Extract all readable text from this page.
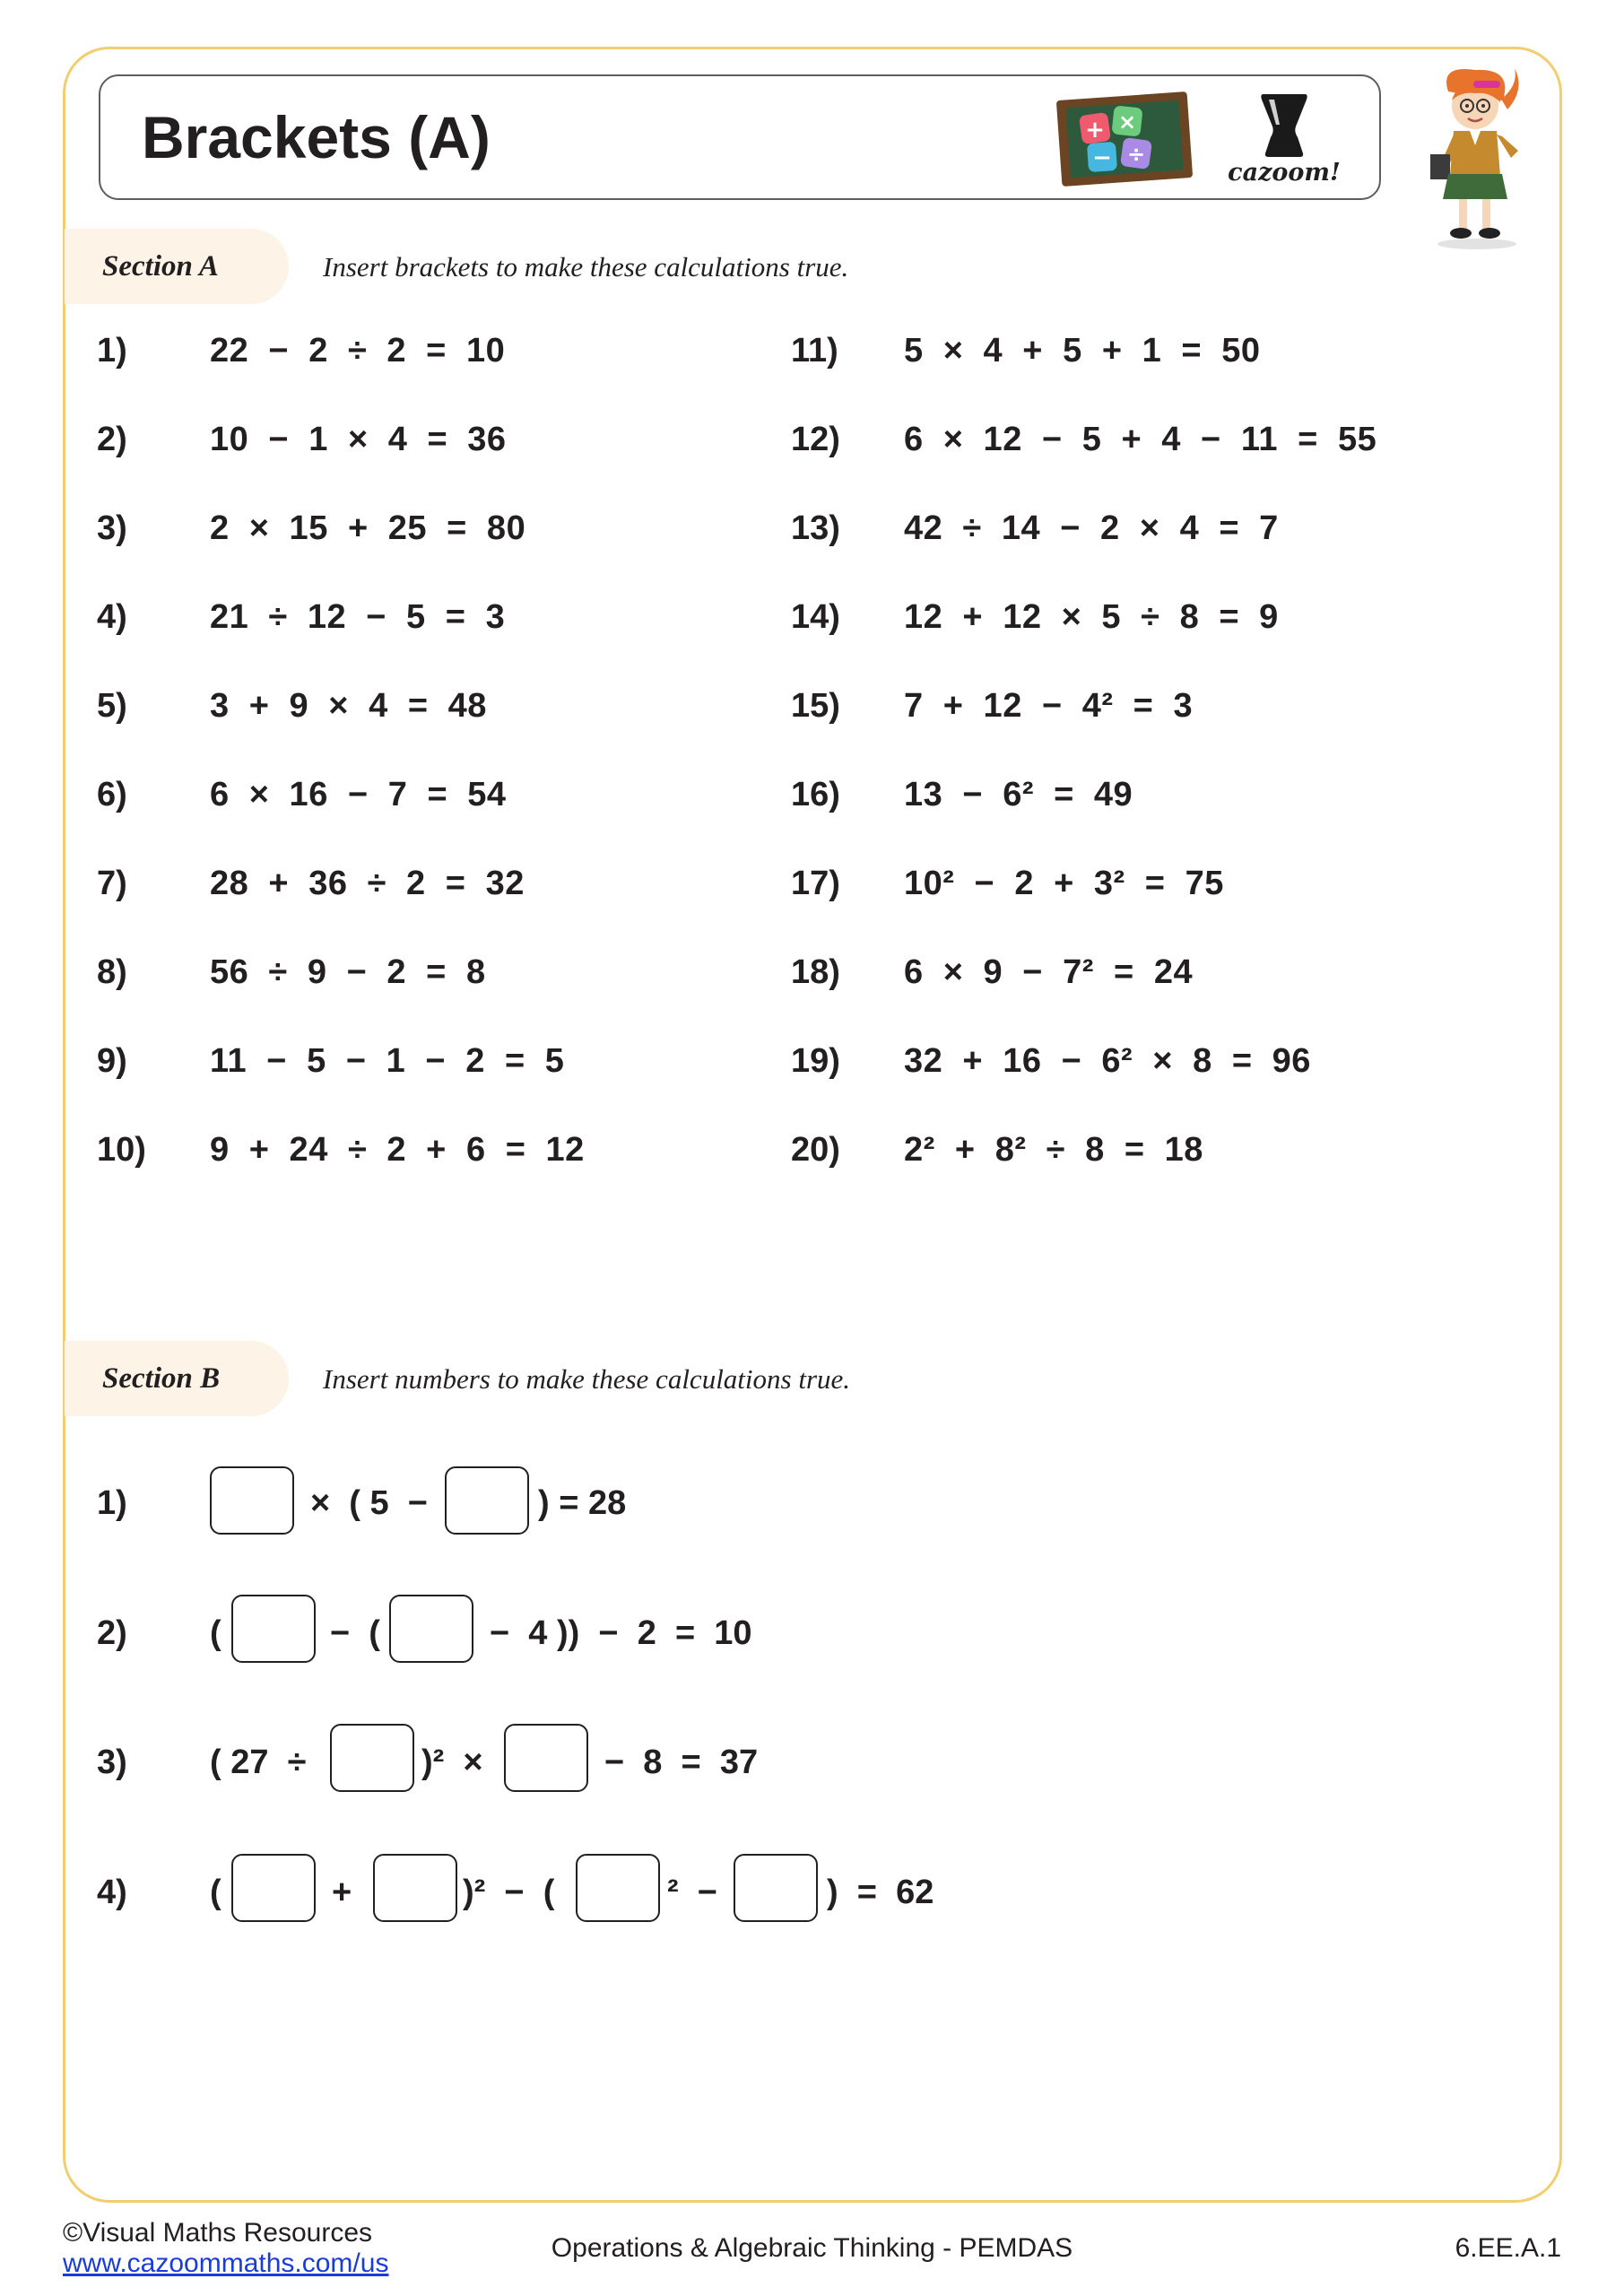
Brackets (A)	+ ×
− ÷
cazoom!
Section A	Insert brackets to make these calculations true.
1) 22  −  2  ÷  2  =  10
2) 10  −  1  ×  4  =  36
3) 2  ×  15  +  25  =  80
4) 21  ÷  12  −  5  =  3
5) 3  +  9  ×  4  =  48
6) 6  ×  16  −  7  =  54
7) 28  +  36  ÷  2  =  32
8) 56  ÷  9  −  2  =  8
9) 11  −  5  −  1  −  2  =  5
10) 9  +  24  ÷  2  +  6  =  12
11) 5  ×  4  +  5  +  1  =  50
12) 6  ×  12  −  5  +  4  −  11  =  55
13) 42  ÷  14  −  2  ×  4  =  7
14) 12  +  12  ×  5  ÷  8  =  9
15) 7  +  12  −  4²  =  3
16) 13  −  6²  =  49
17) 10²  −  2  +  3²  =  75
18) 6  ×  9  −  7²  =  24
19) 32  +  16  −  6²  ×  8  =  96
20) 2²  +  8²  ÷  8  =  18
Section B	Insert numbers to make these calculations true.
1)	×  ( 5  −	) = 28
2) (	−  (	−  4 ))  −  2  =  10
3) ( 27  ÷	)²  ×	−  8  =  37
4) (	+	)²  −  (	²  −	)  =  62
©Visual Maths Resources
www.cazoommaths.com/us
Operations & Algebraic Thinking - PEMDAS	6.EE.A.1
